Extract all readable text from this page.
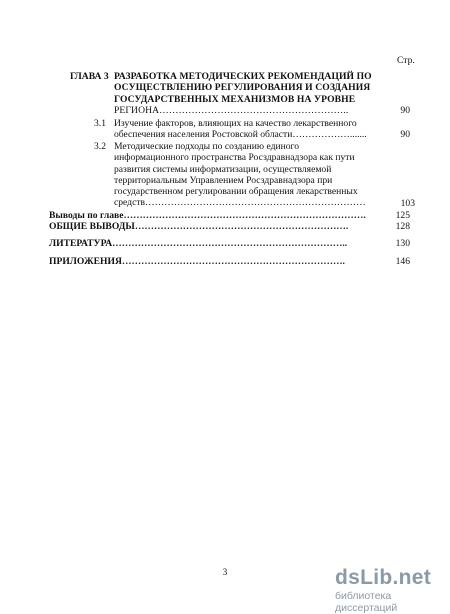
Стр.
ГЛАВА 3 РАЗРАБОТКА МЕТОДИЧЕСКИХ РЕКОМЕНДАЦИЙ ПО
ОСУЩЕСТВЛЕНИЮ РЕГУЛИРОВАНИЯ И СОЗДАНИЯ
ГОСУДАРСТВЕННЫХ МЕХАНИЗМОВ НА УРОВНЕ
РЕГИОНА…………………………………………………..	90
3.1 Изучение факторов, влияющих на качество лекарственного
обеспечения населения Ростовской области……………….......	90
3.2 Методические подходы по созданию единого
информационного пространства Росздравнадзора как пути
развития системы информатизации, осуществляемой
территориальным Управлением Росздравнадзора при
государственном регулировании обращения лекарственных
средств……………………………………………………………	103
Выводы по главе………………………………………………………………….	125
ОБЩИЕ ВЫВОДЫ………………………………………………………….	128
ЛИТЕРАТУРА………………………………………………………………..	130
ПРИЛОЖЕНИЯ…………………………………………………………….	146
3	dsLib.net
библиотека диссертаций
